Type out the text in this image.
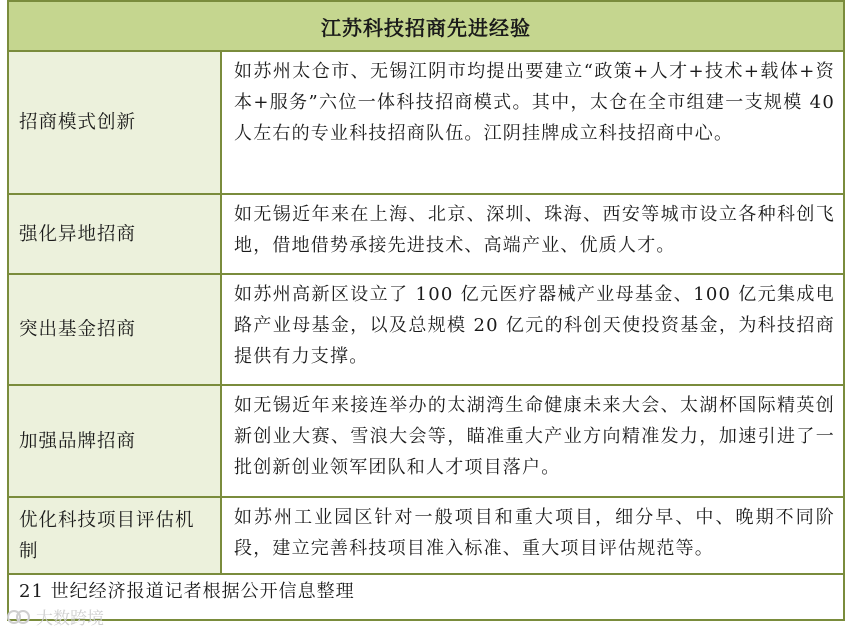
江苏科技招商先进经验	
招商模式创新	如苏州太仓市、无锡江阴市均提出要建立“政策+人才+技术+载体+资本+服务”六位一体科技招商模式。其中，太仓在全市组建一支规模 40 人左右的专业科技招商队伍。江阴挂牌成立科技招商中心。
强化异地招商	如无锡近年来在上海、北京、深圳、珠海、西安等城市设立各种科创飞地，借地借势承接先进技术、高端产业、优质人才。
突出基金招商	如苏州高新区设立了 100 亿元医疗器械产业母基金、100 亿元集成电路产业母基金，以及总规模 20 亿元的科创天使投资基金，为科技招商提供有力支撑。
加强品牌招商	如无锡近年来接连举办的太湖湾生命健康未来大会、太湖杯国际精英创新创业大赛、雪浪大会等，瞄准重大产业方向精准发力，加速引进了一批创新创业领军团队和人才项目落户。
优化科技项目评估机制	如苏州工业园区针对一般项目和重大项目，细分早、中、晚期不同阶段，建立完善科技项目准入标准、重大项目评估规范等。
21 世纪经济报道记者根据公开信息整理	
大数跨境
